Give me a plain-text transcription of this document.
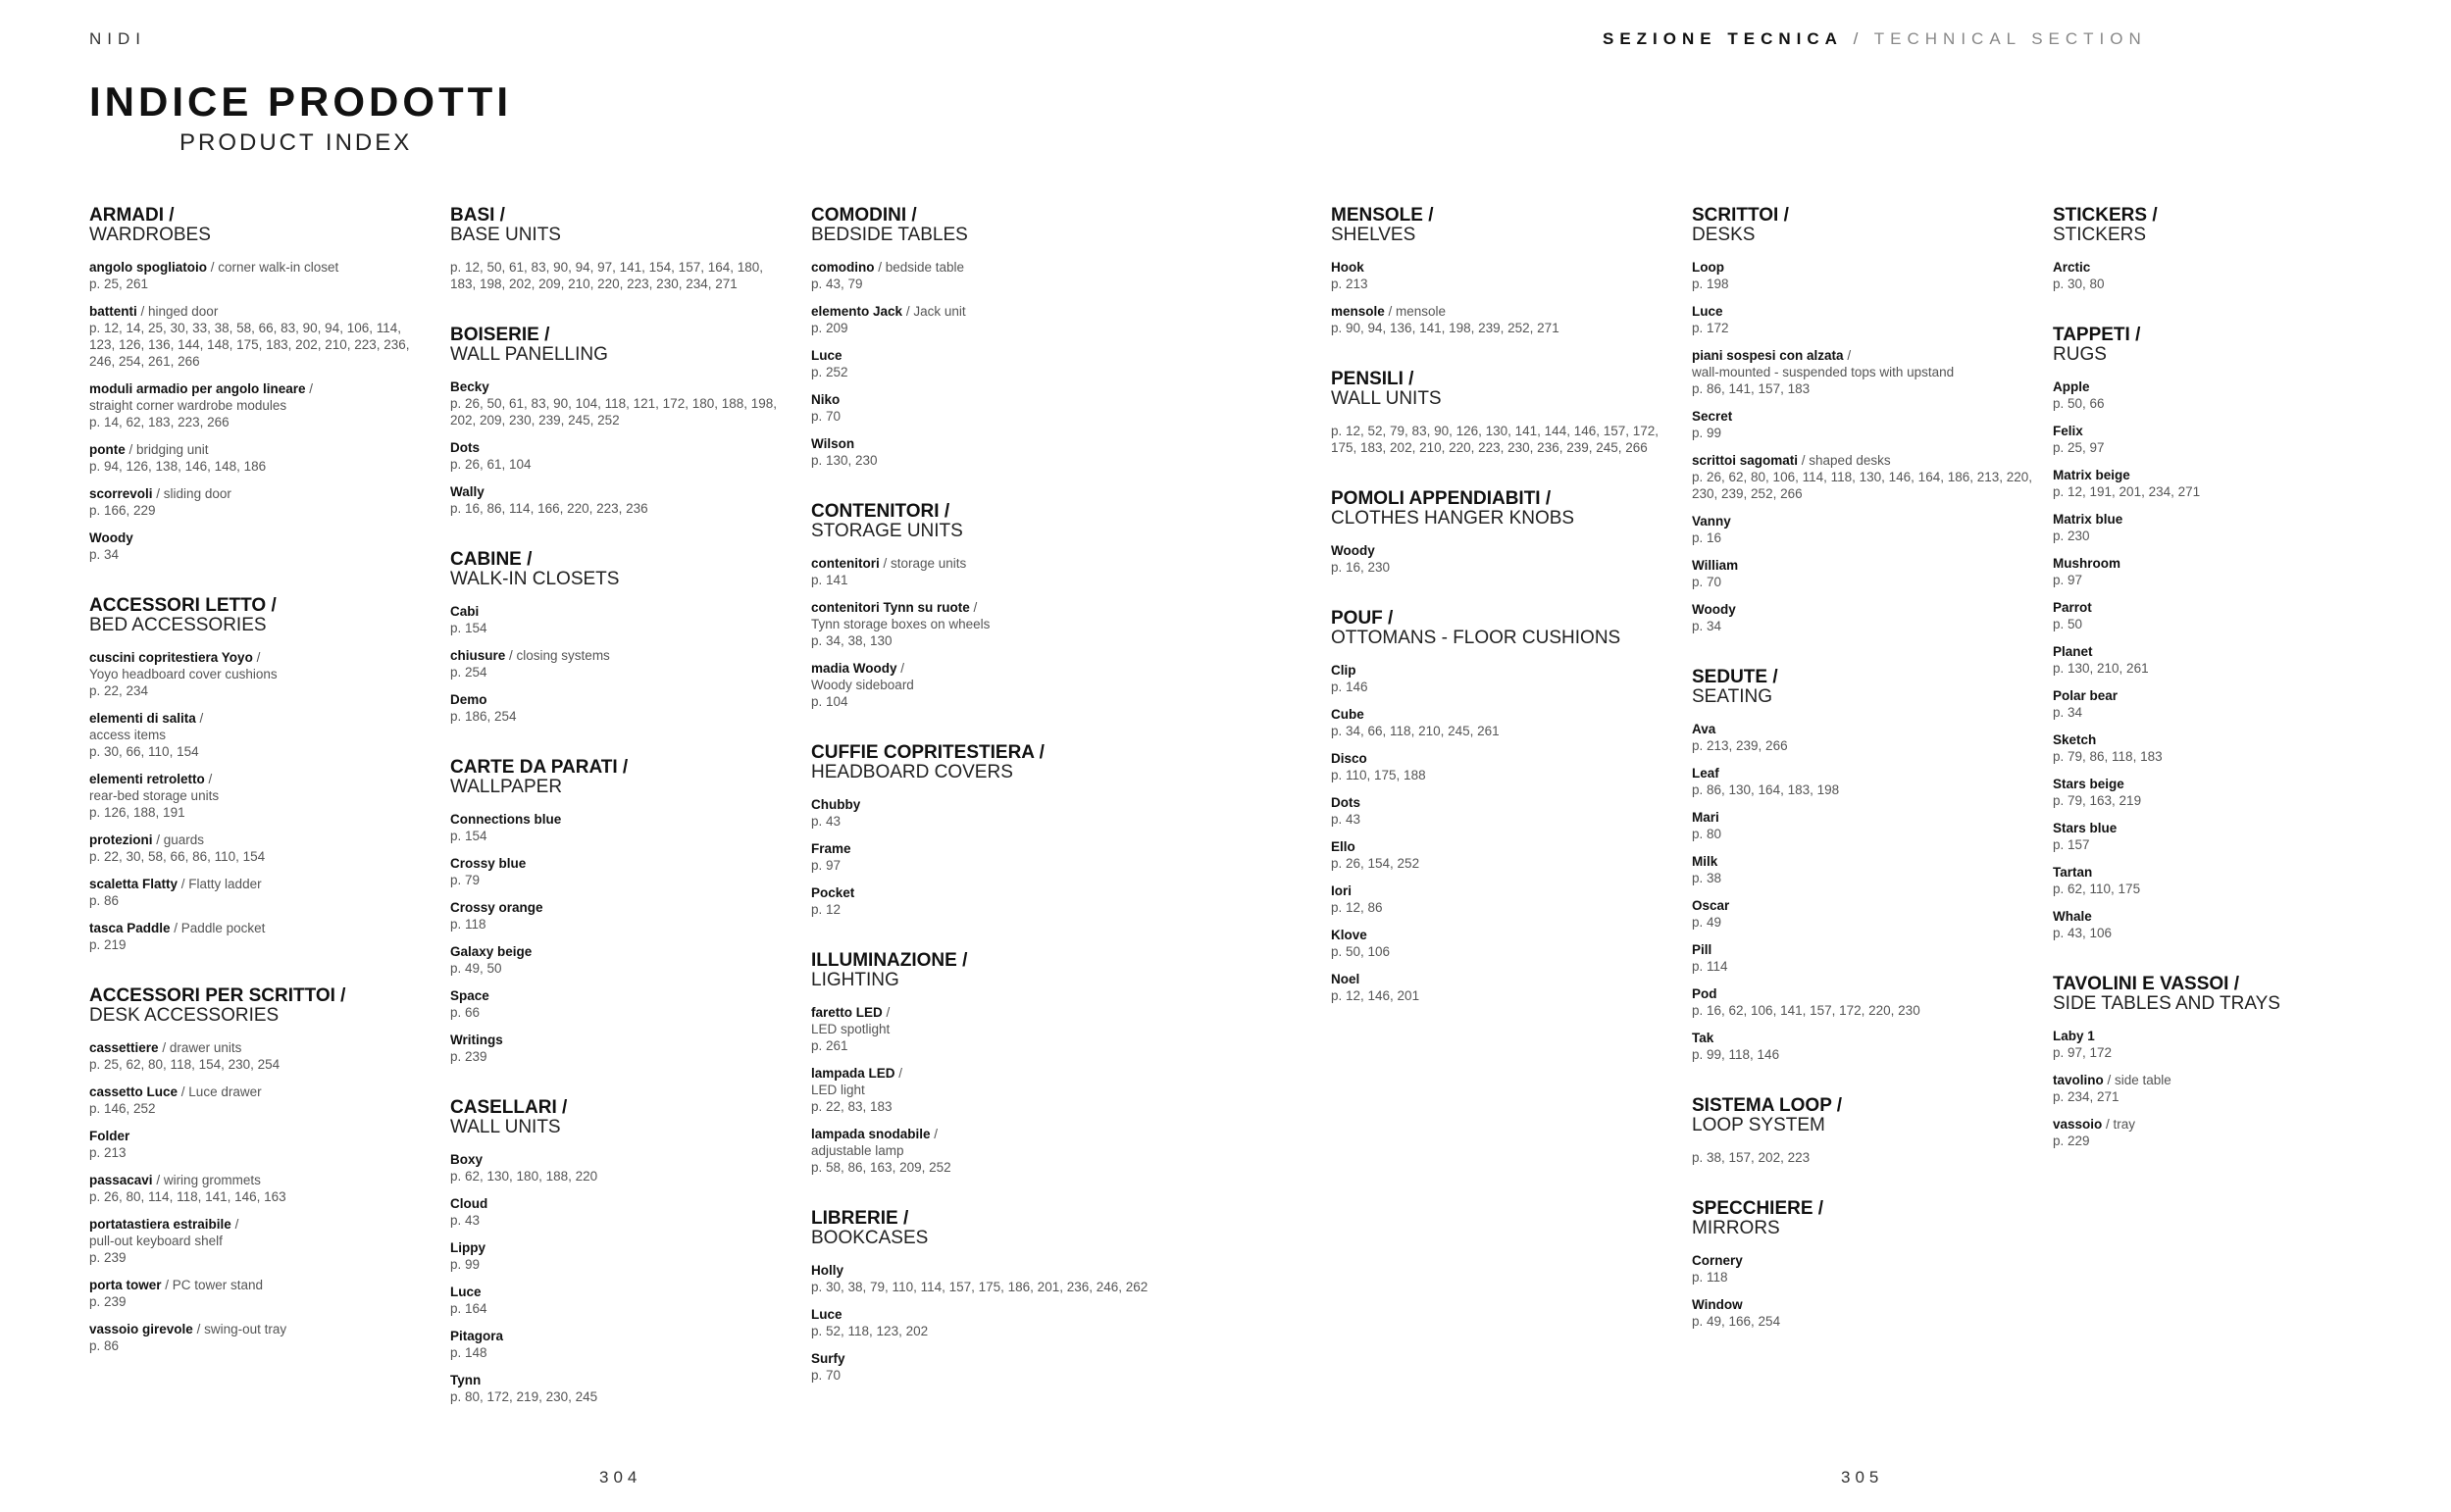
NIDI	SEZIONE TECNICA / TECHNICAL SECTION
INDICE PRODOTTI
PRODUCT INDEX
ARMADI /
WARDROBES
angolo spogliatoio / corner walk-in closet
p. 25, 261
battenti / hinged door
p. 12, 14, 25, 30, 33, 38, 58, 66, 83, 90, 94, 106, 114, 123, 126, 136, 144, 148, 175, 183, 202, 210, 223, 236, 246, 254, 261, 266
moduli armadio per angolo lineare /
straight corner wardrobe modules
p. 14, 62, 183, 223, 266
ponte / bridging unit
p. 94, 126, 138, 146, 148, 186
scorrevoli / sliding door
p. 166, 229
Woody
p. 34
ACCESSORI LETTO /
BED ACCESSORIES
cuscini copritestiera Yoyo /
Yoyo headboard cover cushions
p. 22, 234
elementi di salita /
access items
p. 30, 66, 110, 154
elementi retroletto /
rear-bed storage units
p. 126, 188, 191
protezioni / guards
p. 22, 30, 58, 66, 86, 110, 154
scaletta Flatty / Flatty ladder
p. 86
tasca Paddle / Paddle pocket
p. 219
ACCESSORI PER SCRITTOI /
DESK ACCESSORIES
cassettiere / drawer units
p. 25, 62, 80, 118, 154, 230, 254
cassetto Luce / Luce drawer
p. 146, 252
Folder
p. 213
passacavi / wiring grommets
p. 26, 80, 114, 118, 141, 146, 163
portatastiera estraibile /
pull-out keyboard shelf
p. 239
porta tower / PC tower stand
p. 239
vassoio girevole / swing-out tray
p. 86
BASI /
BASE UNITS
p. 12, 50, 61, 83, 90, 94, 97, 141, 154, 157, 164, 180, 183, 198, 202, 209, 210, 220, 223, 230, 234, 271
BOISERIE /
WALL PANELLING
Becky
p. 26, 50, 61, 83, 90, 104, 118, 121, 172, 180, 188, 198, 202, 209, 230, 239, 245, 252
Dots
p. 26, 61, 104
Wally
p. 16, 86, 114, 166, 220, 223, 236
CABINE /
WALK-IN CLOSETS
Cabi
p. 154
chiusure / closing systems
p. 254
Demo
p. 186, 254
CARTE DA PARATI /
WALLPAPER
Connections blue
p. 154
Crossy blue
p. 79
Crossy orange
p. 118
Galaxy beige
p. 49, 50
Space
p. 66
Writings
p. 239
CASELLARI /
WALL UNITS
Boxy
p. 62, 130, 180, 188, 220
Cloud
p. 43
Lippy
p. 99
Luce
p. 164
Pitagora
p. 148
Tynn
p. 80, 172, 219, 230, 245
COMODINI /
BEDSIDE TABLES
comodino / bedside table
p. 43, 79
elemento Jack / Jack unit
p. 209
Luce
p. 252
Niko
p. 70
Wilson
p. 130, 230
CONTENITORI /
STORAGE UNITS
contenitori / storage units
p. 141
contenitori Tynn su ruote /
Tynn storage boxes on wheels
p. 34, 38, 130
madia Woody /
Woody sideboard
p. 104
CUFFIE COPRITESTIERA /
HEADBOARD COVERS
Chubby
p. 43
Frame
p. 97
Pocket
p. 12
ILLUMINAZIONE /
LIGHTING
faretto LED /
LED spotlight
p. 261
lampada LED /
LED light
p. 22, 83, 183
lampada snodabile /
adjustable lamp
p. 58, 86, 163, 209, 252
LIBRERIE /
BOOKCASES
Holly
p. 30, 38, 79, 110, 114, 157, 175, 186, 201, 236, 246, 262
Luce
p. 52, 118, 123, 202
Surfy
p. 70
MENSOLE /
SHELVES
Hook
p. 213
mensole / mensole
p. 90, 94, 136, 141, 198, 239, 252, 271
PENSILI /
WALL UNITS
p. 12, 52, 79, 83, 90, 126, 130, 141, 144, 146, 157, 172, 175, 183, 202, 210, 220, 223, 230, 236, 239, 245, 266
POMOLI APPENDIABITI /
CLOTHES HANGER KNOBS
Woody
p. 16, 230
POUF /
OTTOMANS - FLOOR CUSHIONS
Clip
p. 146
Cube
p. 34, 66, 118, 210, 245, 261
Disco
p. 110, 175, 188
Dots
p. 43
Ello
p. 26, 154, 252
Iori
p. 12, 86
Klove
p. 50, 106
Noel
p. 12, 146, 201
SCRITTOI /
DESKS
Loop
p. 198
Luce
p. 172
piani sospesi con alzata /
wall-mounted - suspended tops with upstand
p. 86, 141, 157, 183
Secret
p. 99
scrittoi sagomati / shaped desks
p. 26, 62, 80, 106, 114, 118, 130, 146, 164, 186, 213, 220, 230, 239, 252, 266
Vanny
p. 16
William
p. 70
Woody
p. 34
SEDUTE /
SEATING
Ava
p. 213, 239, 266
Leaf
p. 86, 130, 164, 183, 198
Mari
p. 80
Milk
p. 38
Oscar
p. 49
Pill
p. 114
Pod
p. 16, 62, 106, 141, 157, 172, 220, 230
Tak
p. 99, 118, 146
SISTEMA LOOP /
LOOP SYSTEM
p. 38, 157, 202, 223
SPECCHIERE /
MIRRORS
Cornery
p. 118
Window
p. 49, 166, 254
STICKERS /
STICKERS
Arctic
p. 30, 80
TAPPETI /
RUGS
Apple
p. 50, 66
Felix
p. 25, 97
Matrix beige
p. 12, 191, 201, 234, 271
Matrix blue
p. 230
Mushroom
p. 97
Parrot
p. 50
Planet
p. 130, 210, 261
Polar bear
p. 34
Sketch
p. 79, 86, 118, 183
Stars beige
p. 79, 163, 219
Stars blue
p. 157
Tartan
p. 62, 110, 175
Whale
p. 43, 106
TAVOLINI E VASSOI /
SIDE TABLES AND TRAYS
Laby 1
p. 97, 172
tavolino / side table
p. 234, 271
vassoio / tray
p. 229
304	305
